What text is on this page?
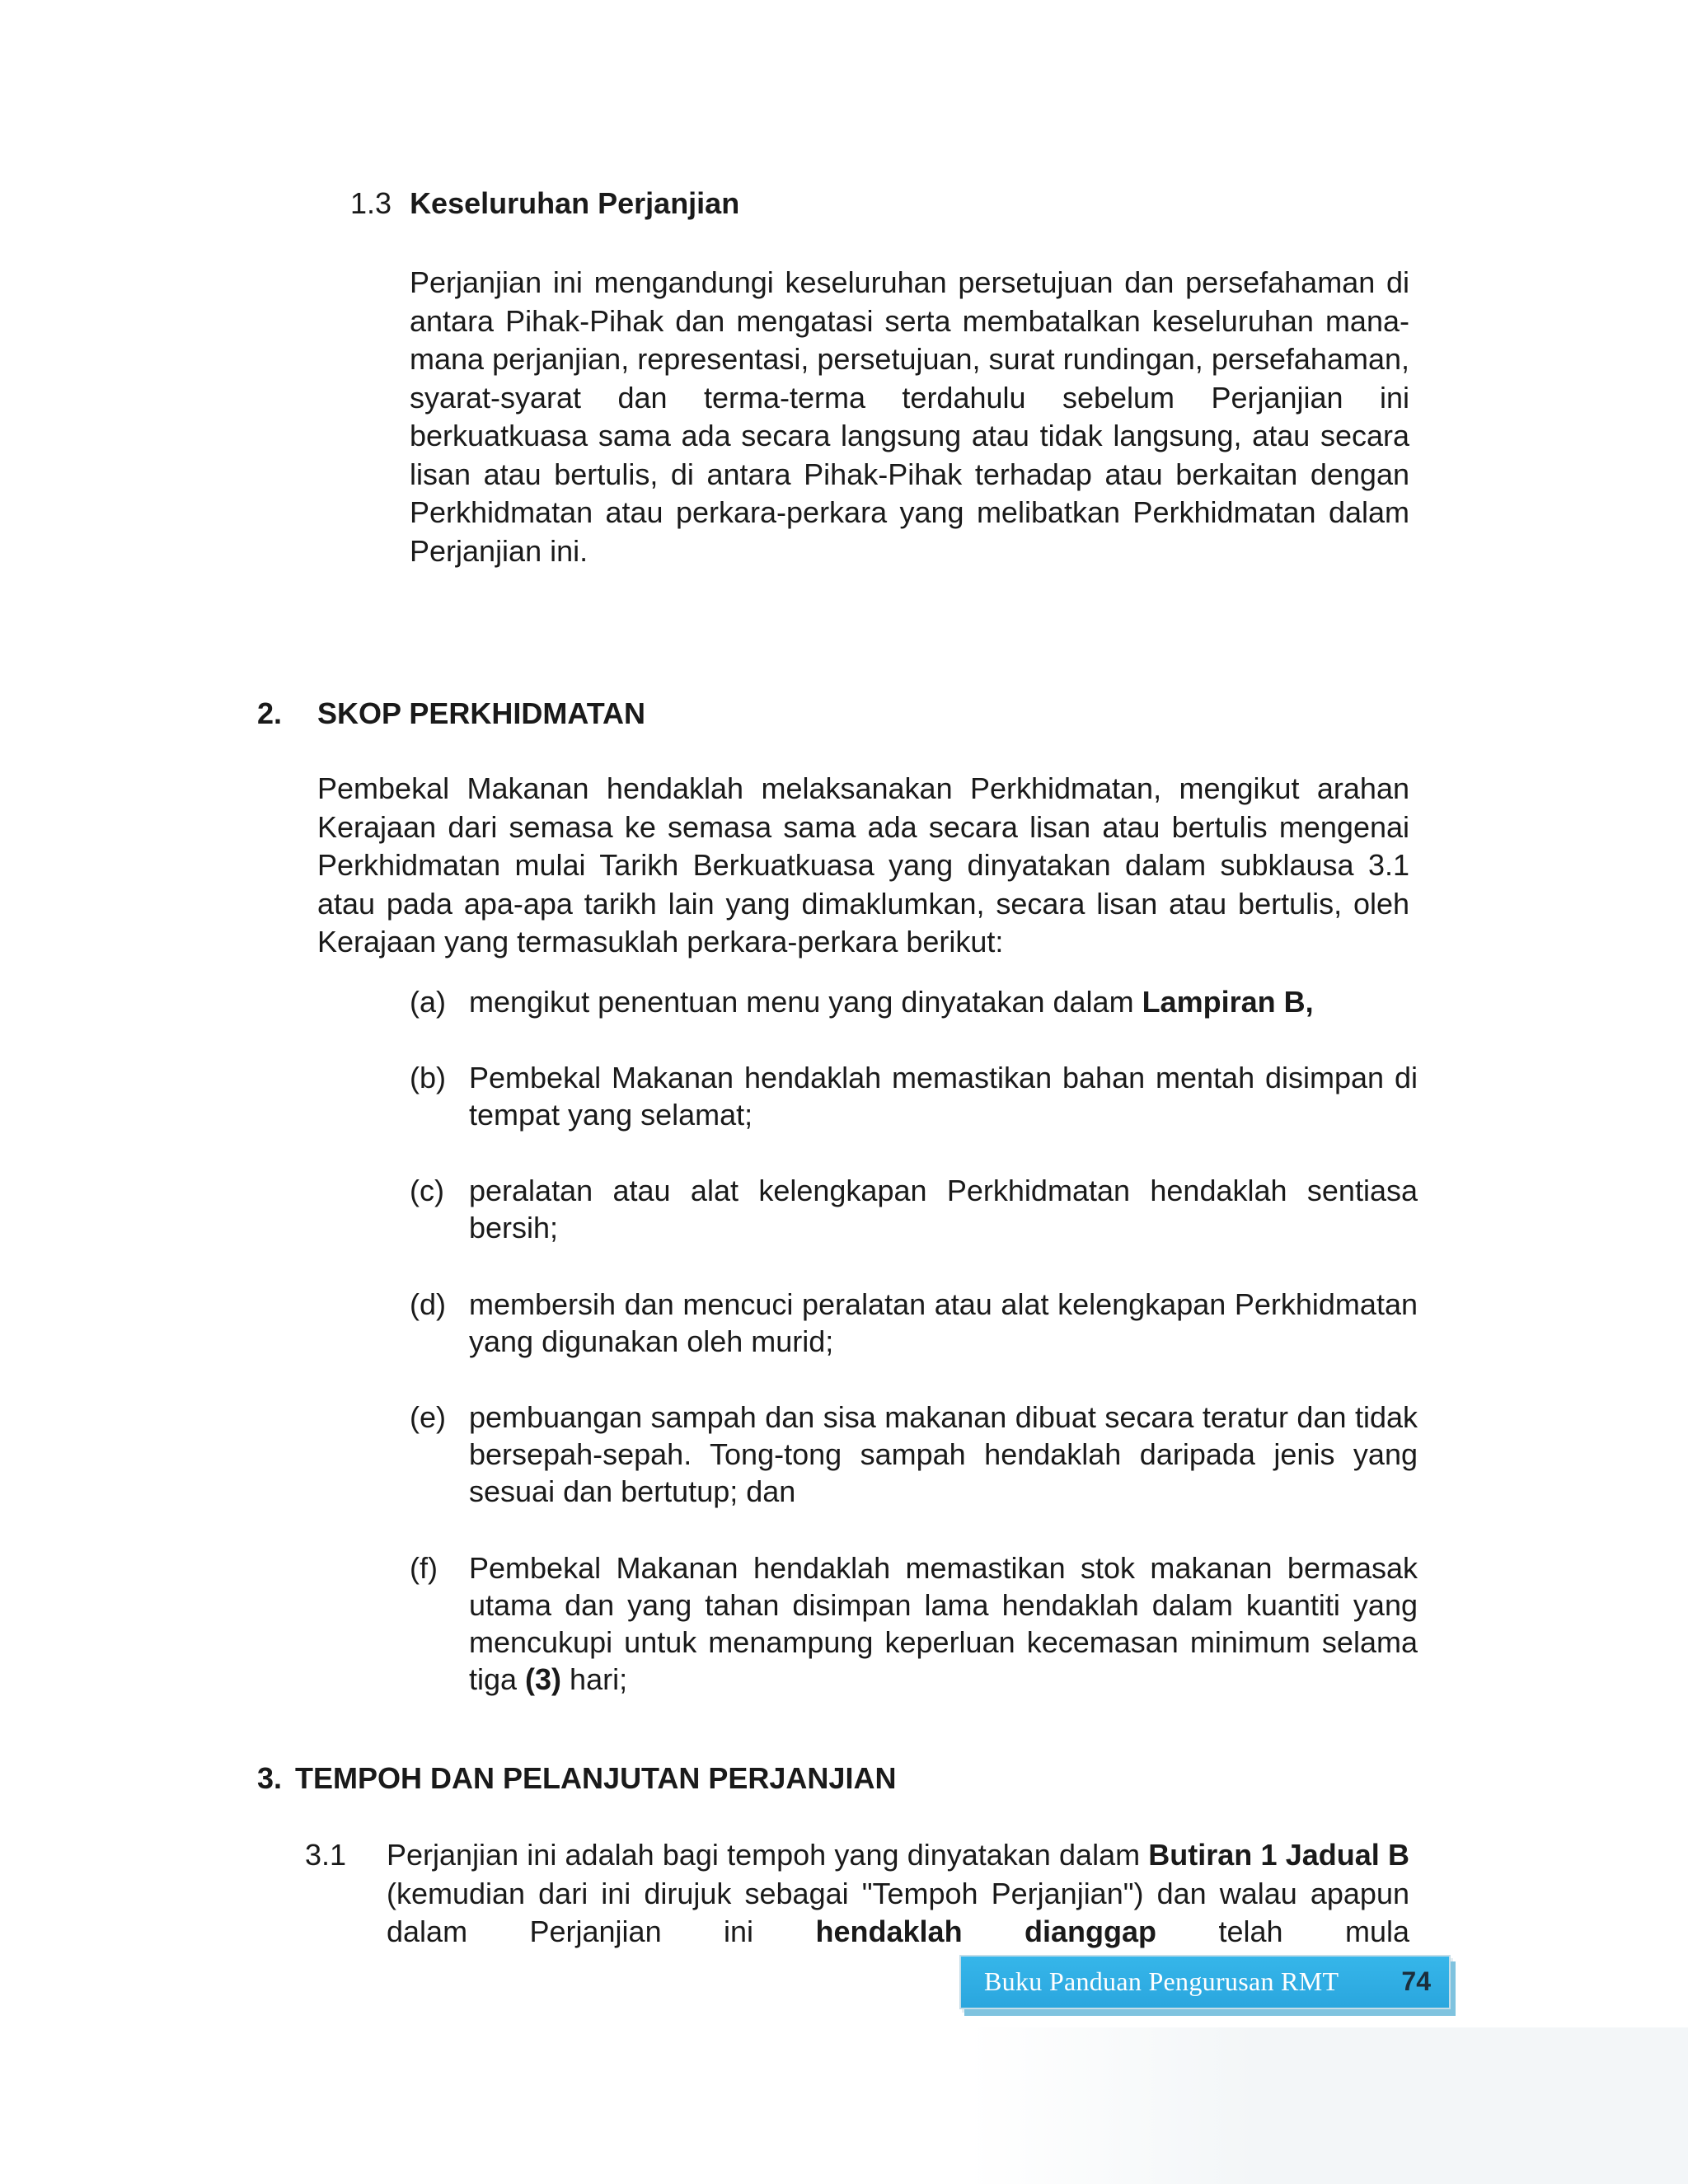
1.3 Keseluruhan Perjanjian

Perjanjian ini mengandungi keseluruhan persetujuan dan persefahaman di antara Pihak-Pihak dan mengatasi serta membatalkan keseluruhan mana-mana perjanjian, representasi, persetujuan, surat rundingan, persefahaman, syarat-syarat dan terma-terma terdahulu sebelum Perjanjian ini berkuatkuasa sama ada secara langsung atau tidak langsung, atau secara lisan atau bertulis, di antara Pihak-Pihak terhadap atau berkaitan dengan Perkhidmatan atau perkara-perkara yang melibatkan Perkhidmatan dalam Perjanjian ini.

2. SKOP PERKHIDMATAN

Pembekal Makanan hendaklah melaksanakan Perkhidmatan, mengikut arahan Kerajaan dari semasa ke semasa sama ada secara lisan atau bertulis mengenai Perkhidmatan mulai Tarikh Berkuatkuasa yang dinyatakan dalam subklausa 3.1 atau pada apa-apa tarikh lain yang dimaklumkan, secara lisan atau bertulis, oleh Kerajaan yang termasuklah perkara-perkara berikut:

(a) mengikut penentuan menu yang dinyatakan dalam Lampiran B,
(b) Pembekal Makanan hendaklah memastikan bahan mentah disimpan di tempat yang selamat;
(c) peralatan atau alat kelengkapan Perkhidmatan hendaklah sentiasa bersih;
(d) membersih dan mencuci peralatan atau alat kelengkapan Perkhidmatan yang digunakan oleh murid;
(e) pembuangan sampah dan sisa makanan dibuat secara teratur dan tidak bersepah-sepah. Tong-tong sampah hendaklah daripada jenis yang sesuai dan bertutup; dan
(f)	Pembekal Makanan hendaklah memastikan stok makanan bermasak utama dan yang tahan disimpan lama hendaklah dalam kuantiti yang mencukupi untuk menampung keperluan kecemasan minimum selama tiga (3) hari;
3. TEMPOH DAN PELANJUTAN PERJANJIAN
3.1 Perjanjian ini adalah bagi tempoh yang dinyatakan dalam Butiran 1 Jadual B (kemudian dari ini dirujuk sebagai "Tempoh Perjanjian") dan walau apapun dalam Perjanjian ini hendaklah dianggap telah mula
Buku Panduan Pengurusan RMT 74
